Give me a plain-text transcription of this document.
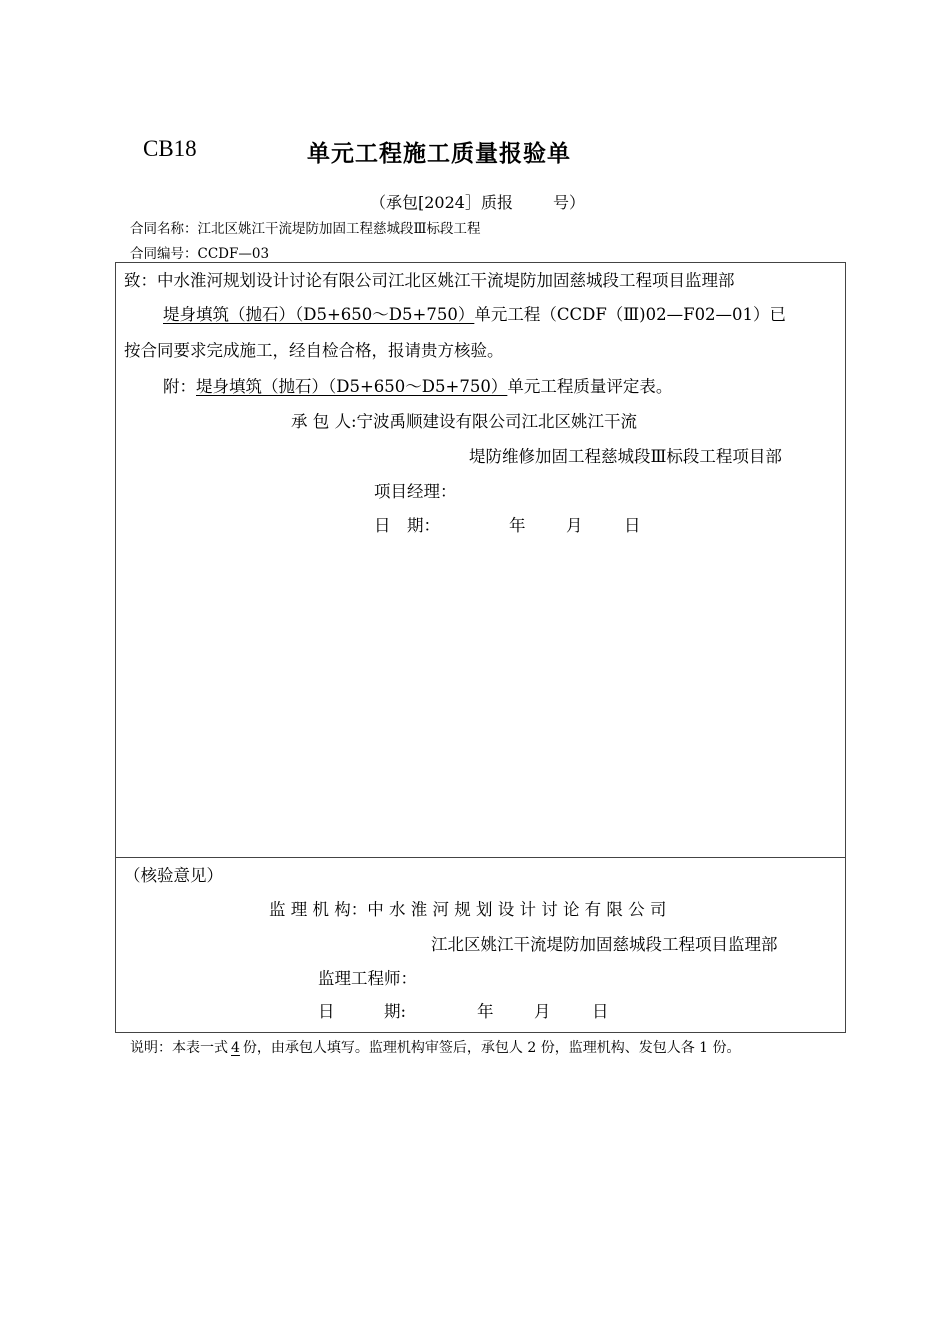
CB18	单元工程施工质量报验单
（承包[2024］质报	号）
合同名称：江北区姚江干流堤防加固工程慈城段Ⅲ标段工程
合同编号：CCDF—03
致：中水淮河规划设计讨论有限公司江北区姚江干流堤防加固慈城段工程项目监理部
堤身填筑（抛石）（D5+650～D5+750）单元工程（CCDF（Ⅲ)02—F02—01）已
按合同要求完成施工，经自检合格，报请贵方核验。
附：堤身填筑（抛石）（D5+650～D5+750）单元工程质量评定表。
承 包 人:宁波禹顺建设有限公司江北区姚江干流
堤防维修加固工程慈城段Ⅲ标段工程项目部
项目经理：
日　期：	年 月	日
（核验意见）
监 理 机 构：中 水 淮 河 规 划 设 计 讨 论 有 限 公 司
江北区姚江干流堤防加固慈城段工程项目监理部
监理工程师：
日　　　期:	年 月	日
说明：本表一式 4 份，由承包人填写。监理机构审签后，承包人 2 份，监理机构、发包人各 1 份。
